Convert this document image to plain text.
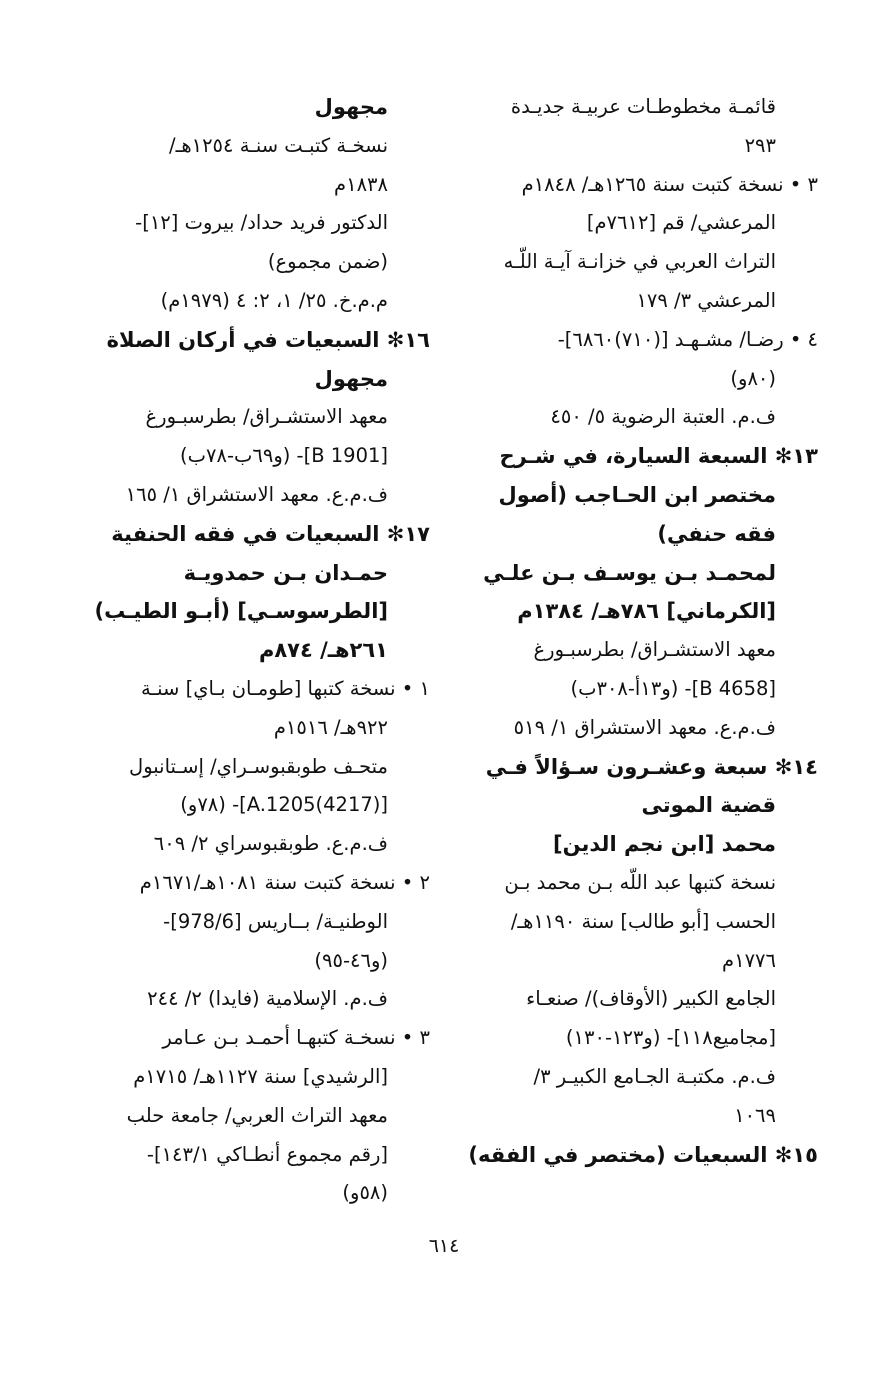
قائمـة مخطوطـات عربيـة جديـدة
٢٩٣
٣ • نسخة كتبت سنة ١٢٦٥هـ/ ١٨٤٨م
المرعشي/ قم [٧٦١٢م]
التراث العربي في خزانـة آيـة اللّـه
المرعشي ٣/ ١٧٩
٤ • رضـا/ مشـهـد [(٧١٠)٦٨٦٠]-
(٨٠و)
ف.م. العتبة الرضوية ٥/ ٤٥٠
١٣✻ السبعة السيارة، في شـرح
مختصر ابن الحـاجب (أصول
فقه حنفي)
لمحمـد بـن يوسـف بـن علـي
[الكرماني] ٧٨٦هـ/ ١٣٨٤م
معهد الاستشـراق/ بطرسبـورغ
[B 4658]- (و١٣أ-٣٠٨ب)
ف.م.ع. معهد الاستشراق ١/ ٥١٩
١٤✻ سبعة وعشـرون سـؤالاً فـي
قضية الموتى
محمد [ابن نجم الدين]
نسخة كتبها عبد اللّه بـن محمد بـن
الحسب [أبو طالب] سنة ١١٩٠هـ/
١٧٧٦م
الجامع الكبير (الأوقاف)/ صنعـاء
[مجاميع١١٨]- (و١٢٣-١٣٠)
ف.م. مكتبـة الجـامع الكبيـر ٣/
١٠٦٩
١٥✻ السبعيات (مختصر في الفقه)
مجهول
نسخـة كتبـت سنـة ١٢٥٤هـ/
١٨٣٨م
الدكتور فريد حداد/ بيروت [١٢]-
(ضمن مجموع)
م.م.خ. ٢٥/ ١، ٢: ٤ (١٩٧٩م)
١٦✻ السبعيات في أركان الصلاة
مجهول
معهد الاستشـراق/ بطرسبـورغ
[B 1901]- (و٦٩ب-٧٨ب)
ف.م.ع. معهد الاستشراق ١/ ١٦٥
١٧✻ السبعيات في فقه الحنفية
حمـدان بـن حمدويـة
[الطرسوسـي] (أبـو الطيـب)
٢٦١هـ/ ٨٧٤م
١ • نسخة كتبها [طومـان بـاي] سنـة
٩٢٢هـ/ ١٥١٦م
متحـف طوبقبوسـراي/ إسـتانبول
[A.1205(4217)]- (٧٨و)
ف.م.ع. طوبقبوسراي ٢/ ٦٠٩
٢ • نسخة كتبت سنة ١٠٨١هـ/١٦٧١م
الوطنيـة/ بــاريس [978/6]-
(و٤٦-٩٥)
ف.م. الإسلامية (فايدا) ٢/ ٢٤٤
٣ • نسخـة كتبهـا أحمـد بـن عـامر
[الرشيدي] سنة ١١٢٧هـ/ ١٧١٥م
معهد التراث العربي/ جامعة حلب
[رقم مجموع أنطـاكي ١٤٣/١]-
(٥٨و)
٦١٤
